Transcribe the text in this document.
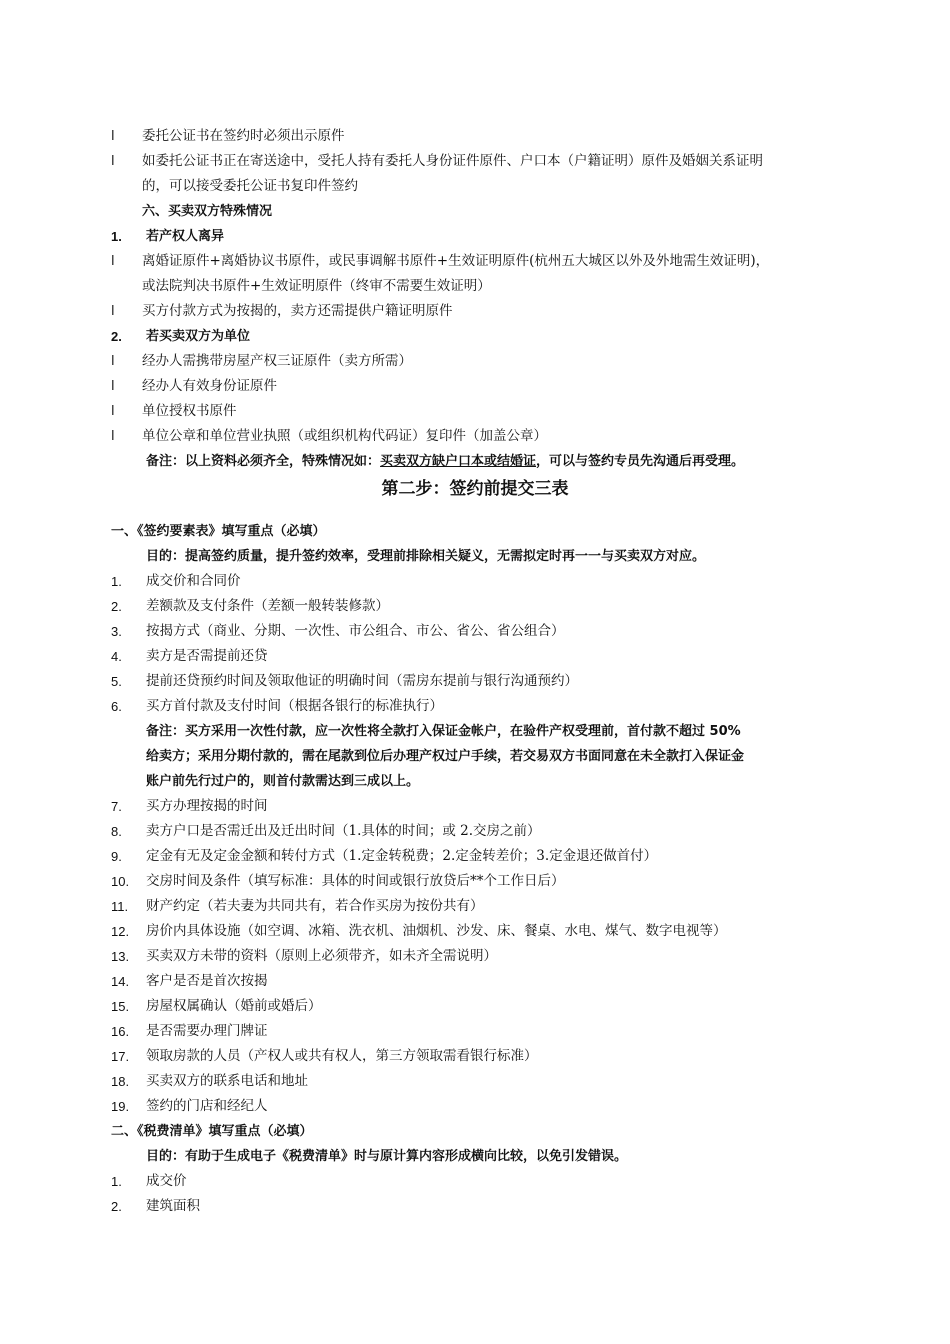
l 委托公证书在签约时必须出示原件
l 如委托公证书正在寄送途中，受托人持有委托人身份证件原件、户口本（户籍证明）原件及婚姻关系证明
的，可以接受委托公证书复印件签约
六、买卖双方特殊情况
1. 若产权人离异
l 离婚证原件+离婚协议书原件，或民事调解书原件+生效证明原件(杭州五大城区以外及外地需生效证明)，
或法院判决书原件+生效证明原件（终审不需要生效证明）
l 买方付款方式为按揭的，卖方还需提供户籍证明原件
2. 若买卖双方为单位
l 经办人需携带房屋产权三证原件（卖方所需）
l 经办人有效身份证原件
l 单位授权书原件
l 单位公章和单位营业执照（或组织机构代码证）复印件（加盖公章）
备注：以上资料必须齐全，特殊情况如：买卖双方缺户口本或结婚证，可以与签约专员先沟通后再受理。
第二步：签约前提交三表
一、《签约要素表》填写重点（必填）
目的：提高签约质量，提升签约效率，受理前排除相关疑义，无需拟定时再一一与买卖双方对应。
1. 成交价和合同价
2. 差额款及支付条件（差额一般转装修款）
3. 按揭方式（商业、分期、一次性、市公组合、市公、省公、省公组合）
4. 卖方是否需提前还贷
5. 提前还贷预约时间及领取他证的明确时间（需房东提前与银行沟通预约）
6. 买方首付款及支付时间（根据各银行的标准执行）
备注：买方采用一次性付款，应一次性将全款打入保证金帐户，在验件产权受理前，首付款不超过 50%
给卖方；采用分期付款的，需在尾款到位后办理产权过户手续，若交易双方书面同意在未全款打入保证金
账户前先行过户的，则首付款需达到三成以上。
7. 买方办理按揭的时间
8. 卖方户口是否需迁出及迁出时间（1.具体的时间；或 2.交房之前）
9. 定金有无及定金金额和转付方式（1.定金转税费；2.定金转差价；3.定金退还做首付）
10. 交房时间及条件（填写标准：具体的时间或银行放贷后**个工作日后）
11. 财产约定（若夫妻为共同共有，若合作买房为按份共有）
12. 房价内具体设施（如空调、冰箱、洗衣机、油烟机、沙发、床、餐桌、水电、煤气、数字电视等）
13. 买卖双方未带的资料（原则上必须带齐，如未齐全需说明）
14. 客户是否是首次按揭
15. 房屋权属确认（婚前或婚后）
16. 是否需要办理门牌证
17. 领取房款的人员（产权人或共有权人，第三方领取需看银行标准）
18. 买卖双方的联系电话和地址
19. 签约的门店和经纪人
二、《税费清单》填写重点（必填）
目的：有助于生成电子《税费清单》时与原计算内容形成横向比较，以免引发错误。
1. 成交价
2. 建筑面积
